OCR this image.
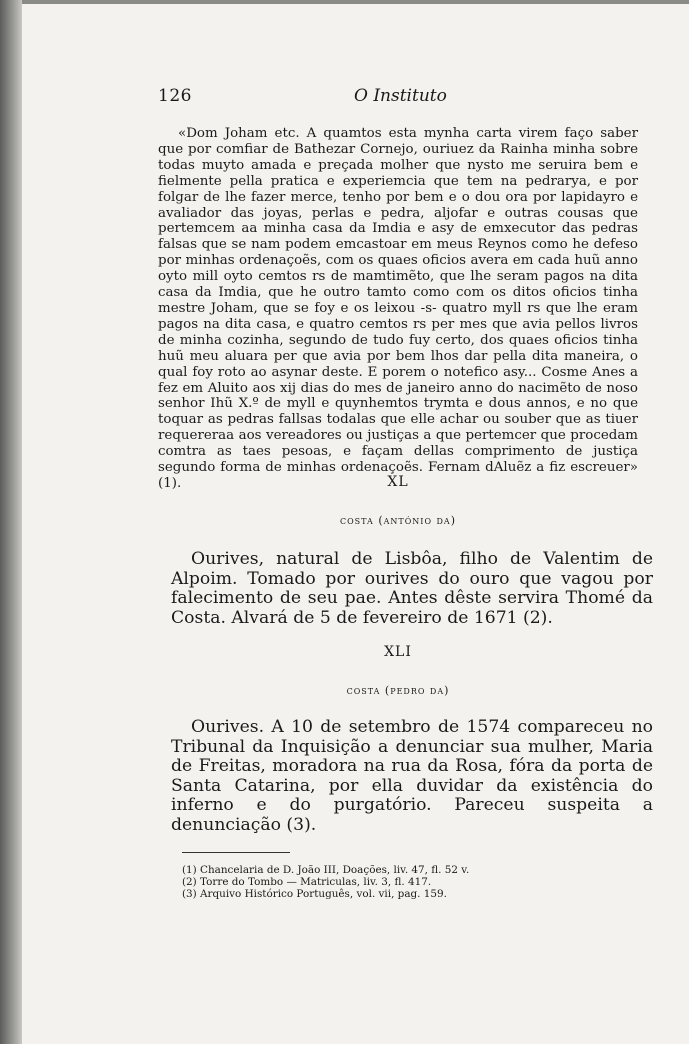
126	O Instituto
«Dom Joham etc. A quamtos esta mynha carta virem faço saber que por comfiar de Bathezar Cornejo, ouriuez da Rainha minha sobre todas muyto amada e preçada molher que nysto me seruira bem e fielmente pella pratica e experiemcia que tem na pedrarya, e por folgar de lhe fazer merce, tenho por bem e o dou ora por lapidayro e avaliador das joyas, perlas e pedra, aljofar e outras cousas que pertemcem aa minha casa da Imdia e asy de emxecutor das pedras falsas que se nam podem emcastoar em meus Reynos como he defeso por minhas ordenaçoẽs, com os quaes oficios avera em cada huũ anno oyto mill oyto cemtos rs de mamtimẽto, que lhe seram pagos na dita casa da Imdia, que he outro tamto como com os ditos oficios tinha mestre Joham, que se foy e os leixou -s- quatro myll rs que lhe eram pagos na dita casa, e quatro cemtos rs per mes que avia pellos livros de minha cozinha, segundo de tudo fuy certo, dos quaes oficios tinha huũ meu aluara per que avia por bem lhos dar pella dita maneira, o qual foy roto ao asynar deste. E porem o notefico asy... Cosme Anes a fez em Aluito aos xij dias do mes de janeiro anno do nacimẽto de noso senhor Ihũ X.º de myll e quynhemtos trymta e dous annos, e no que toquar as pedras fallsas todalas que elle achar ou souber que as tiuer requereraa aos vereadores ou justiças a que pertemcer que procedam comtra as taes pesoas, e façam dellas comprimento de justiça segundo forma de minhas ordenaçoẽs. Fernam dAluẽz a fiz escreuer» (1).	XL
costa (antónio da)
Ourives, natural de Lisbôa, filho de Valentim de Alpoim. Tomado por ourives do ouro que vagou por falecimento de seu pae. Antes dêste servira Thomé da Costa. Alvará de 5 de fevereiro de 1671 (2).
XLI
costa (pedro da)
Ourives. A 10 de setembro de 1574 compareceu no Tribunal da Inquisição a denunciar sua mulher, Maria de Freitas, moradora na rua da Rosa, fóra da porta de Santa Catarina, por ella duvidar da existência do inferno e do purgatório. Pareceu suspeita a denunciação (3).
(1) Chancelaria de D. João III, Doações, liv. 47, fl. 52 v.
(2) Torre do Tombo — Matriculas, liv. 3, fl. 417.
(3) Arquivo Histórico Português, vol. vii, pag. 159.
